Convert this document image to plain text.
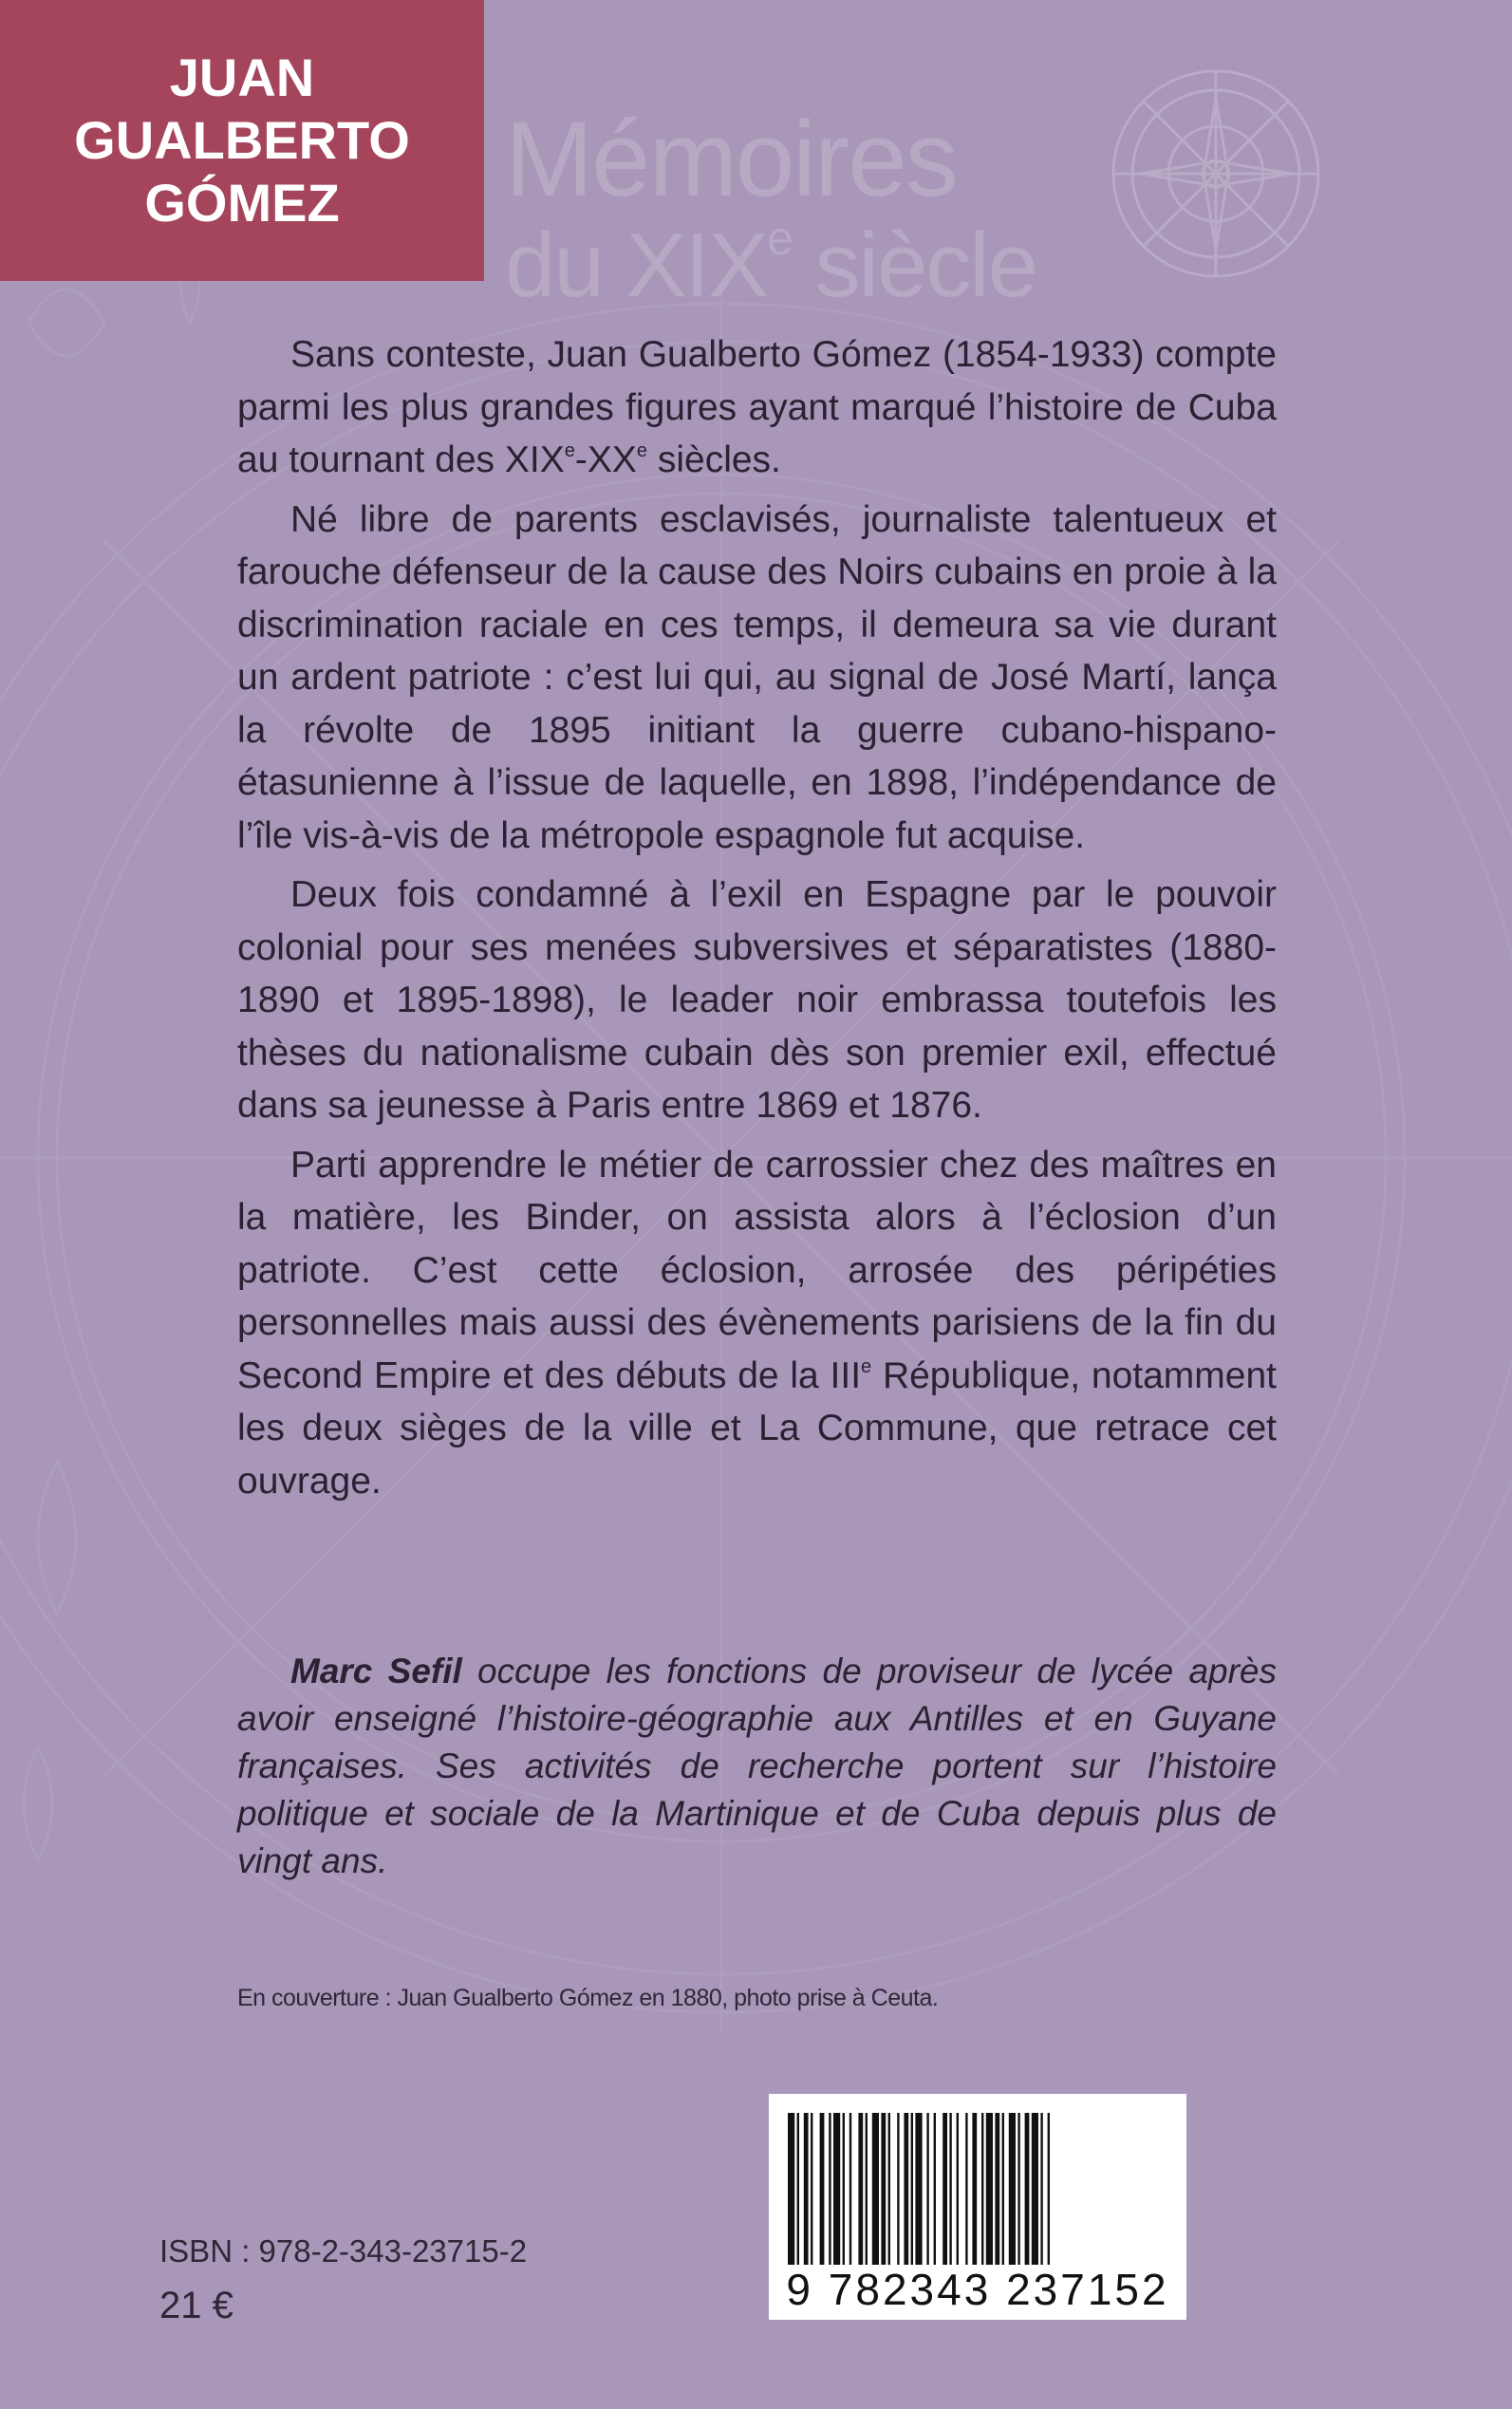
JUAN
GUALBERTO
GÓMEZ Mémoires
du XIXe siècle

Sans conteste, Juan Gualberto Gómez (1854-1933) compte parmi les plus grandes figures ayant marqué l’histoire de Cuba au tournant des XIXe-XXe siècles.

Né libre de parents esclavisés, journaliste talentueux et farouche défenseur de la cause des Noirs cubains en proie à la discrimination raciale en ces temps, il demeura sa vie durant un ardent patriote : c’est lui qui, au signal de José Martí, lança la révolte de 1895 initiant la guerre cubano-hispano-étasunienne à l’issue de laquelle, en 1898, l’indépendance de l’île vis-à-vis de la métropole espagnole fut acquise.

Deux fois condamné à l’exil en Espagne par le pouvoir colonial pour ses menées subversives et séparatistes (1880-1890 et 1895-1898), le leader noir embrassa toutefois les thèses du nationalisme cubain dès son premier exil, effectué dans sa jeunesse à Paris entre 1869 et 1876.

Parti apprendre le métier de carrossier chez des maîtres en la matière, les Binder, on assista alors à l’éclosion d’un patriote. C’est cette éclosion, arrosée des péripéties personnelles mais aussi des évènements parisiens de la fin du Second Empire et des débuts de la IIIe République, notamment les deux sièges de la ville et La Commune, que retrace cet ouvrage.

Marc Sefil occupe les fonctions de proviseur de lycée après avoir enseigné l’histoire-géographie aux Antilles et en Guyane françaises. Ses activités de recherche portent sur l’histoire politique et sociale de la Martinique et de Cuba depuis plus de vingt ans.
En couverture : Juan Gualberto Gómez en 1880, photo prise à Ceuta.
ISBN : 978-2-343-23715-2
21 €	9 782343 237152
